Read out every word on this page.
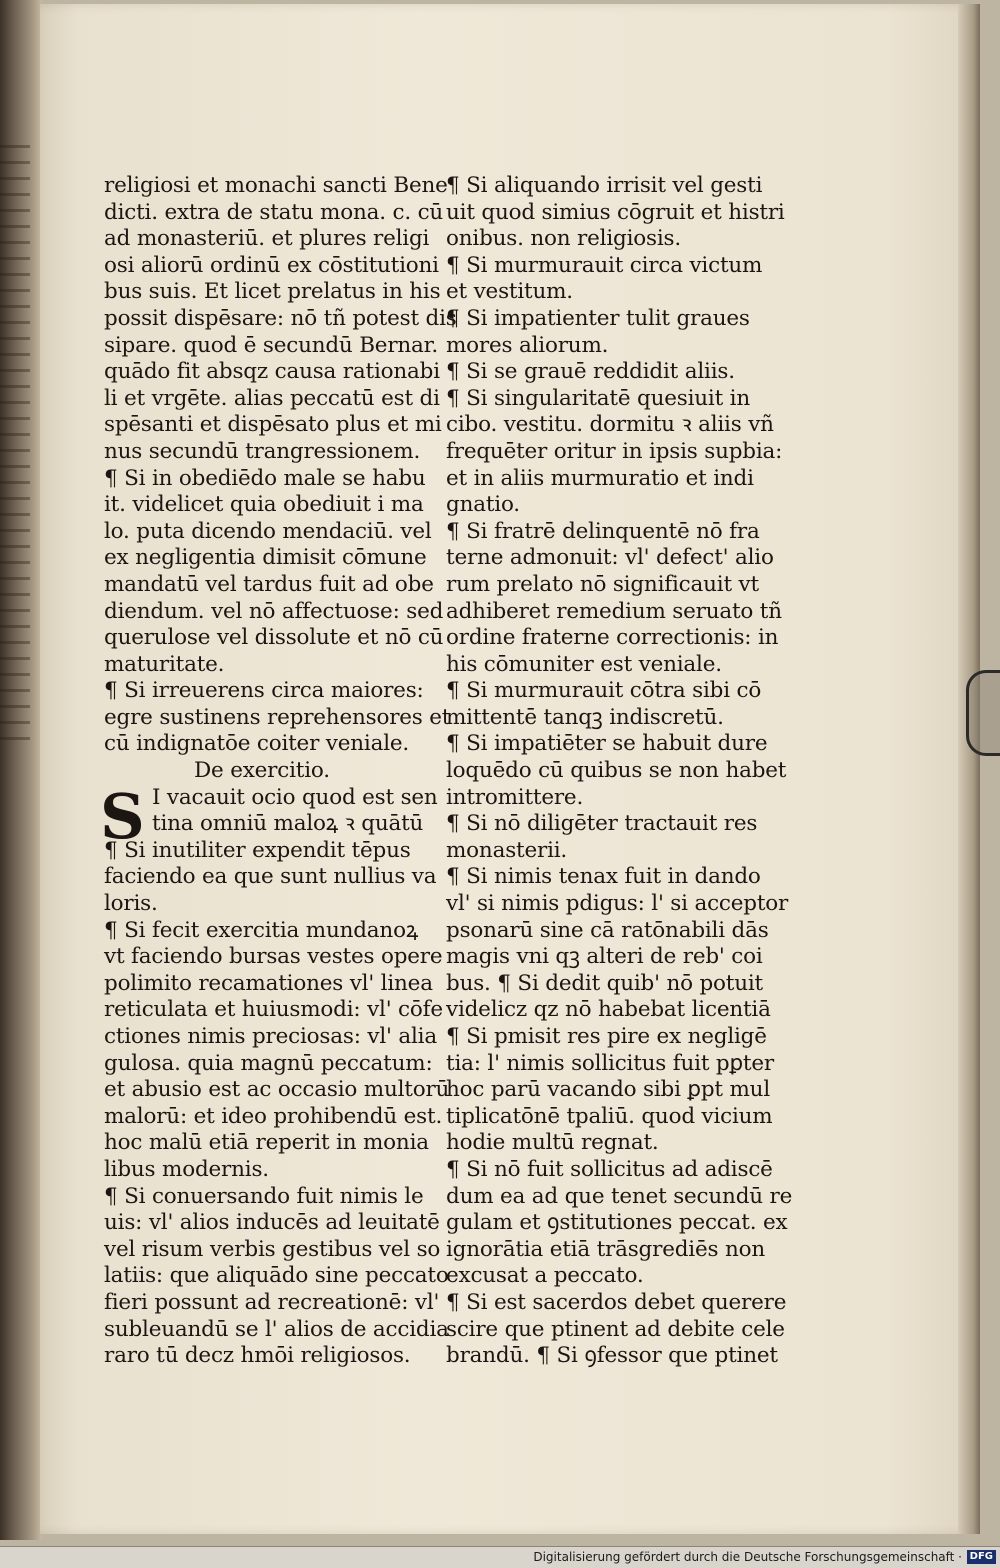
religiosi et monachi sancti Bene
dicti. extra de statu mona. c. cū
ad monasteriū. et plures religi
osi aliorū ordinū ex cōstitutioni
bus suis. Et licet prelatus in his
possit dispēsare: nō tñ potest dis
sipare. quod ē secundū Bernar.
quādo fit absqz causa rationabi
li et vrgēte. alias peccatū est di
spēsanti et dispēsato plus et mi
nus secundū trangressionem.
¶ Si in obediēdo male se habu
it. videlicet quia obediuit i ma
lo. puta dicendo mendaciū. vel
ex negligentia dimisit cōmune
mandatū vel tardus fuit ad obe
diendum. vel nō affectuose: sed
querulose vel dissolute et nō cū
maturitate.
¶ Si irreuerens circa maiores:
egre sustinens reprehensores et
cū indignatōe coiter veniale.
De exercitio.
S I vacauit ocio quod est sen
tina omniū maloꝝ ꝛ quātū
¶ Si inutiliter expendit tēpus
faciendo ea que sunt nullius va
loris.
¶ Si fecit exercitia mundanoꝝ
vt faciendo bursas vestes opere
polimito recamationes vl' linea
reticulata et huiusmodi: vl' cōfe
ctiones nimis preciosas: vl' alia
gulosa. quia magnū peccatum:
et abusio est ac occasio multorū
malorū: et ideo prohibendū est.
hoc malū etiā reperit in monia
libus modernis.
¶ Si conuersando fuit nimis le
uis: vl' alios inducēs ad leuitatē
vel risum verbis gestibus vel so
latiis: que aliquādo sine peccato
fieri possunt ad recreationē: vl'
subleuandū se l' alios de accidia
raro tū decz hmōi religiosos.
¶ Si aliquando irrisit vel gesti
uit quod simius cōgruit et histri
onibus. non religiosis.
¶ Si murmurauit circa victum
et vestitum.
¶ Si impatienter tulit graues
mores aliorum.
¶ Si se grauē reddidit aliis.
¶ Si singularitatē quesiuit in
cibo. vestitu. dormitu ꝛ aliis vñ
frequēter oritur in ipsis supbia:
et in aliis murmuratio et indi
gnatio.
¶ Si fratrē delinquentē nō fra
terne admonuit: vl' defect' alio
rum prelato nō significauit vt
adhiberet remedium seruato tñ
ordine fraterne correctionis: in
his cōmuniter est veniale.
¶ Si murmurauit cōtra sibi cō
mittentē tanqꝫ indiscretū.
¶ Si impatiēter se habuit dure
loquēdo cū quibus se non habet
intromittere.
¶ Si nō diligēter tractauit res
monasterii.
¶ Si nimis tenax fuit in dando
vl' si nimis pdigus: l' si acceptor
psonarū sine cā ratōnabili dās
magis vni qꝫ alteri de reb' coi
bus. ¶ Si dedit quib' nō potuit
videlicz qz nō habebat licentiā
¶ Si pmisit res pire ex negligē
tia: l' nimis sollicitus fuit pꝑter
hoc parū vacando sibi ꝑpt mul
tiplicatōnē tpaliū. quod vicium
hodie multū regnat.
¶ Si nō fuit sollicitus ad adiscē
dum ea ad que tenet secundū re
gulam et ꝯstitutiones peccat. ex
ignorātia etiā trāsgrediēs non
excusat a peccato.
¶ Si est sacerdos debet querere
scire que ptinent ad debite cele
brandū. ¶ Si ꝯfessor que ptinet
Digitalisierung gefördert durch die Deutsche Forschungsgemeinschaft · DFG
